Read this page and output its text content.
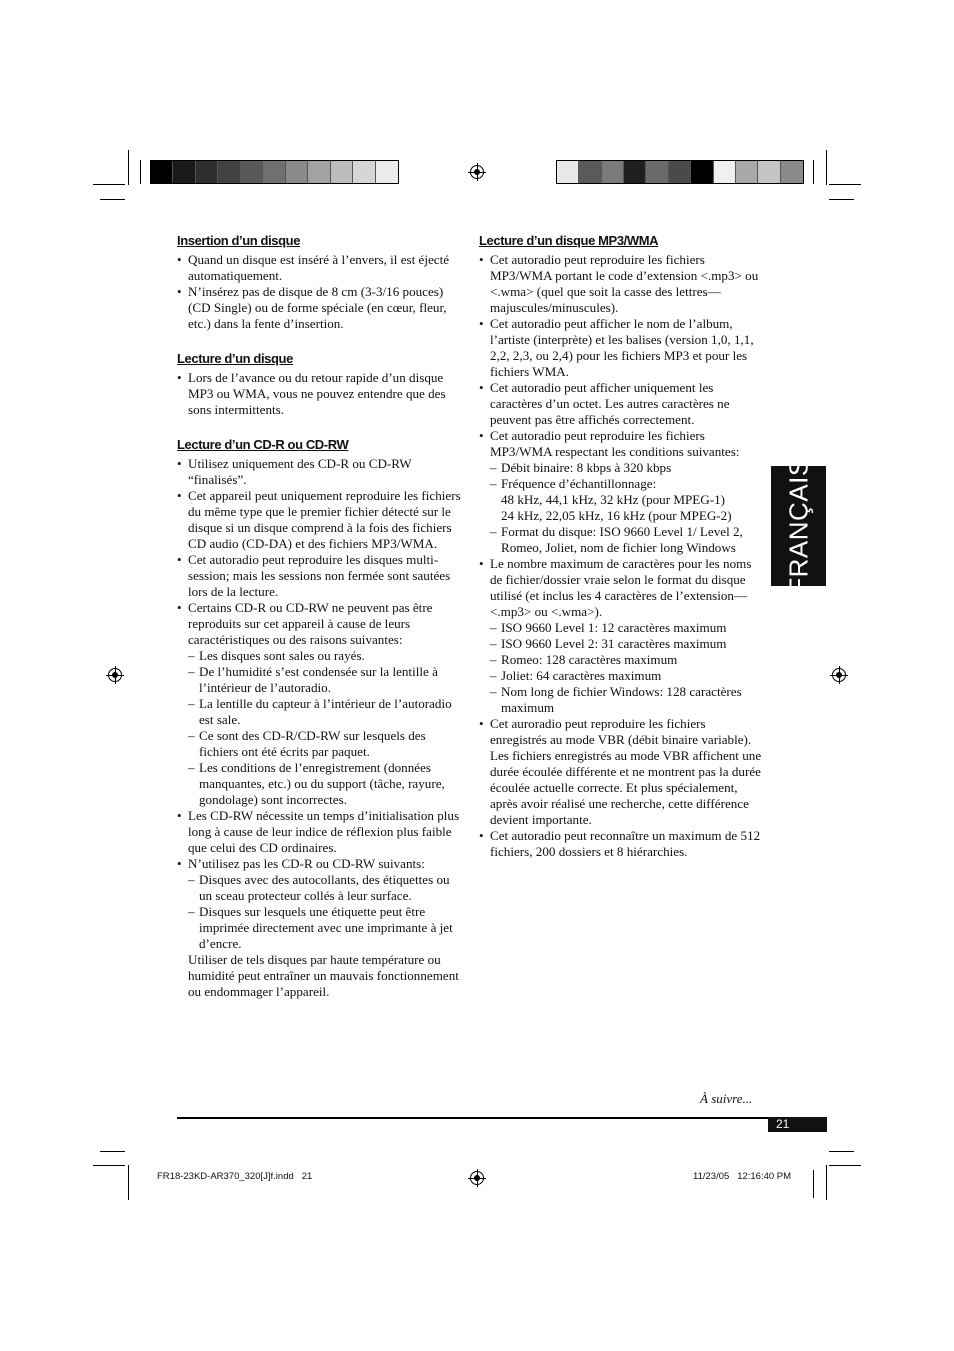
Insertion d’un disque
• Quand un disque est inséré à l’envers, il est éjecté automatiquement.
• N’insérez pas de disque de 8 cm (3-3/16 pouces) (CD Single) ou de forme spéciale (en cœur, fleur, etc.) dans la fente d’insertion.
Lecture d’un disque
• Lors de l’avance ou du retour rapide d’un disque MP3 ou WMA, vous ne pouvez entendre que des sons intermittents.
Lecture d’un CD-R ou CD-RW
• Utilisez uniquement des CD-R ou CD-RW “finalisés”.
• Cet appareil peut uniquement reproduire les fichiers du même type que le premier fichier détecté sur le disque si un disque comprend à la fois des fichiers CD audio (CD-DA) et des fichiers MP3/WMA.
• Cet autoradio peut reproduire les disques multi-session; mais les sessions non fermée sont sautées lors de la lecture.
• Certains CD-R ou CD-RW ne peuvent pas être reproduits sur cet appareil à cause de leurs caractéristiques ou des raisons suivantes:
– Les disques sont sales ou rayés.
– De l’humidité s’est condensée sur la lentille à l’intérieur de l’autoradio.
– La lentille du capteur à l’intérieur de l’autoradio est sale.
– Ce sont des CD-R/CD-RW sur lesquels des fichiers ont été écrits par paquet.
– Les conditions de l’enregistrement (données manquantes, etc.) ou du support (tâche, rayure, gondolage) sont incorrectes.
• Les CD-RW nécessite un temps d’initialisation plus long à cause de leur indice de réflexion plus faible que celui des CD ordinaires.
• N’utilisez pas les CD-R ou CD-RW suivants:
– Disques avec des autocollants, des étiquettes ou un sceau protecteur collés à leur surface.
– Disques sur lesquels une étiquette peut être imprimée directement avec une imprimante à jet d’encre.

Utiliser de tels disques par haute température ou humidité peut entraîner un mauvais fonctionnement ou endommager l’appareil.

Lecture d’un disque MP3/WMA
• Cet autoradio peut reproduire les fichiers MP3/WMA portant le code d’extension <.mp3> ou <.wma> (quel que soit la casse des lettres—majuscules/minuscules).
• Cet autoradio peut afficher le nom de l’album, l’artiste (interprète) et les balises (version 1,0, 1,1, 2,2, 2,3, ou 2,4) pour les fichiers MP3 et pour les fichiers WMA.
• Cet autoradio peut afficher uniquement les caractères d’un octet. Les autres caractères ne peuvent pas être affichés correctement.
• Cet autoradio peut reproduire les fichiers MP3/WMA respectant les conditions suivantes:
– Débit binaire: 8 kbps à 320 kbps
– Fréquence d’échantillonnage:
48 kHz, 44,1 kHz, 32 kHz (pour MPEG-1)
24 kHz, 22,05 kHz, 16 kHz (pour MPEG-2)
– Format du disque: ISO 9660 Level 1/ Level 2, Romeo, Joliet, nom de fichier long Windows
• Le nombre maximum de caractères pour les noms de fichier/dossier vraie selon le format du disque utilisé (et inclus les 4 caractères de l’extension—<.mp3> ou <.wma>).
– ISO 9660 Level 1: 12 caractères maximum
– ISO 9660 Level 2: 31 caractères maximum
– Romeo: 128 caractères maximum
– Joliet: 64 caractères maximum
– Nom long de fichier Windows: 128 caractères maximum
• Cet auroradio peut reproduire les fichiers enregistrés au mode VBR (débit binaire variable).

Les fichiers enregistrés au mode VBR affichent une durée écoulée différente et ne montrent pas la durée écoulée actuelle correcte. Et plus spécialement, après avoir réalisé une recherche, cette différence devient importante.

• Cet autoradio peut reconnaître un maximum de 512 fichiers, 200 dossiers et 8 hiérarchies.
FRANÇAIS
À suivre...
21
FR18-23KD-AR370_320[J]f.indd   21	11/23/05   12:16:40 PM
